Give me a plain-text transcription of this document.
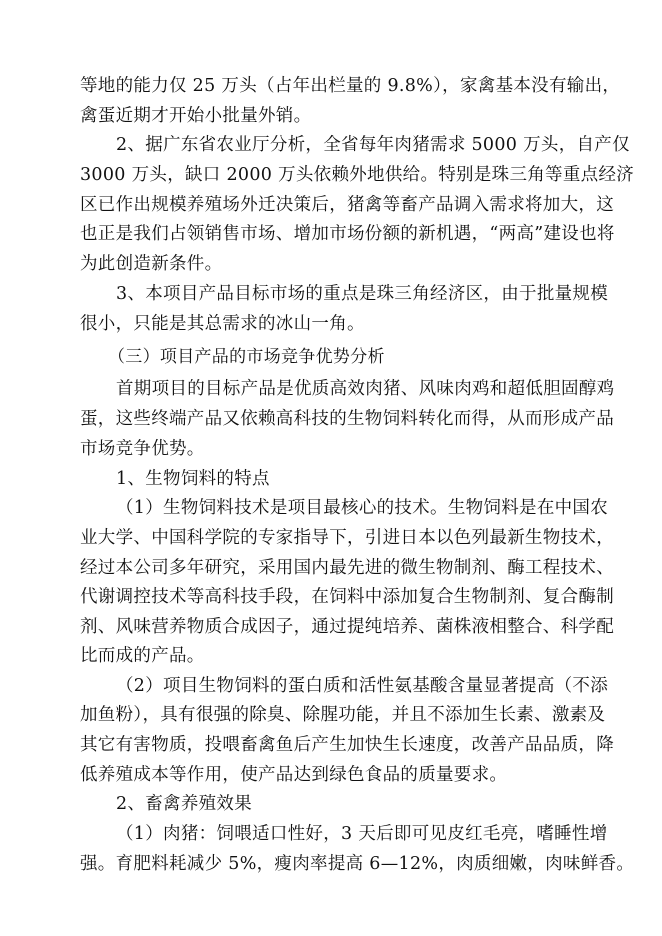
等地的能力仅 25 万头（占年出栏量的 9.8%），家禽基本没有输出，
禽蛋近期才开始小批量外销。
2、据广东省农业厅分析，全省每年肉猪需求 5000 万头，自产仅
3000 万头，缺口 2000 万头依赖外地供给。特别是珠三角等重点经济
区已作出规模养殖场外迁决策后，猪禽等畜产品调入需求将加大，这
也正是我们占领销售市场、增加市场份额的新机遇，“两高”建设也将
为此创造新条件。
3、本项目产品目标市场的重点是珠三角经济区，由于批量规模
很小，只能是其总需求的冰山一角。
（三）项目产品的市场竞争优势分析
首期项目的目标产品是优质高效肉猪、风味肉鸡和超低胆固醇鸡
蛋，这些终端产品又依赖高科技的生物饲料转化而得，从而形成产品
市场竞争优势。
1、生物饲料的特点
（1）生物饲料技术是项目最核心的技术。生物饲料是在中国农
业大学、中国科学院的专家指导下，引进日本以色列最新生物技术，
经过本公司多年研究，采用国内最先进的微生物制剂、酶工程技术、
代谢调控技术等高科技手段，在饲料中添加复合生物制剂、复合酶制
剂、风味营养物质合成因子，通过提纯培养、菌株液相整合、科学配
比而成的产品。
（2）项目生物饲料的蛋白质和活性氨基酸含量显著提高（不添
加鱼粉），具有很强的除臭、除腥功能，并且不添加生长素、激素及
其它有害物质，投喂畜禽鱼后产生加快生长速度，改善产品品质，降
低养殖成本等作用，使产品达到绿色食品的质量要求。
2、畜禽养殖效果
（1）肉猪：饲喂适口性好，3 天后即可见皮红毛亮，嗜睡性增
强。育肥料耗减少 5%，瘦肉率提高 6—12%，肉质细嫩，肉味鲜香。
